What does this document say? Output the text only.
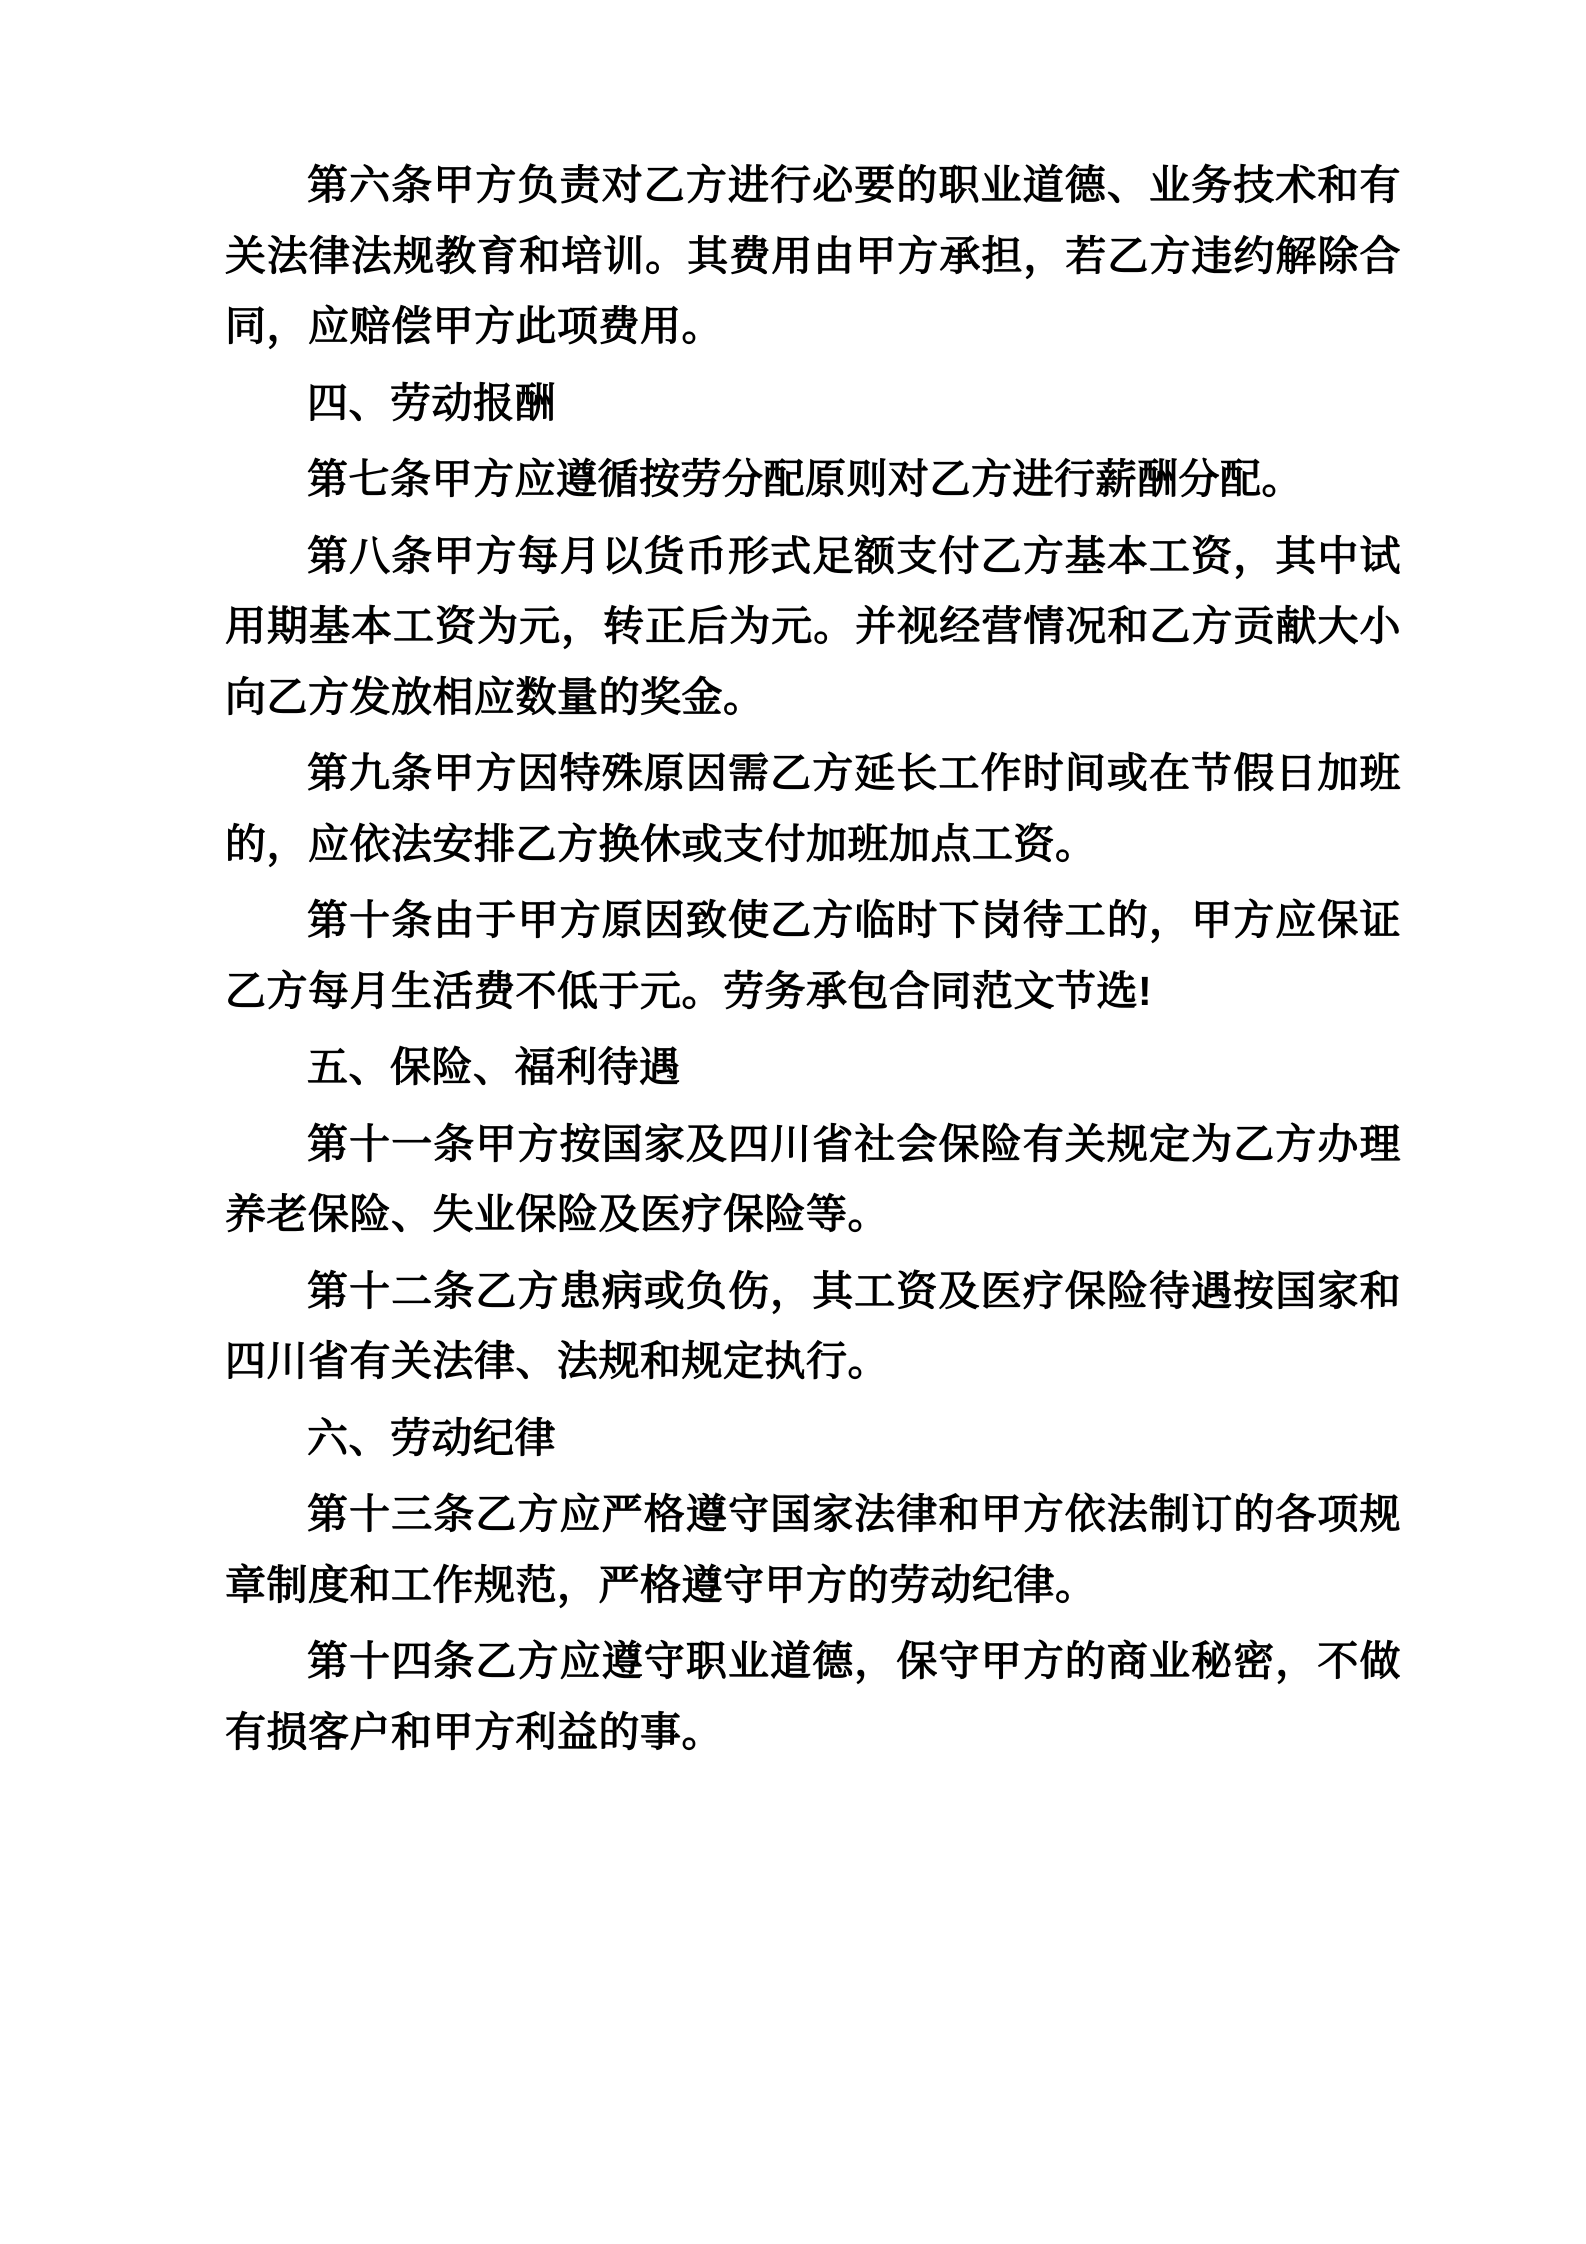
第六条甲方负责对乙方进行必要的职业道德、业务技术和有关法律法规教育和培训。其费用由甲方承担，若乙方违约解除合同，应赔偿甲方此项费用。

四、劳动报酬

第七条甲方应遵循按劳分配原则对乙方进行薪酬分配。

第八条甲方每月以货币形式足额支付乙方基本工资，其中试用期基本工资为元，转正后为元。并视经营情况和乙方贡献大小向乙方发放相应数量的奖金。

第九条甲方因特殊原因需乙方延长工作时间或在节假日加班的，应依法安排乙方换休或支付加班加点工资。

第十条由于甲方原因致使乙方临时下岗待工的，甲方应保证乙方每月生活费不低于元。劳务承包合同范文节选!

五、保险、福利待遇

第十一条甲方按国家及四川省社会保险有关规定为乙方办理养老保险、失业保险及医疗保险等。

第十二条乙方患病或负伤，其工资及医疗保险待遇按国家和四川省有关法律、法规和规定执行。

六、劳动纪律

第十三条乙方应严格遵守国家法律和甲方依法制订的各项规章制度和工作规范，严格遵守甲方的劳动纪律。

第十四条乙方应遵守职业道德，保守甲方的商业秘密，不做有损客户和甲方利益的事。
